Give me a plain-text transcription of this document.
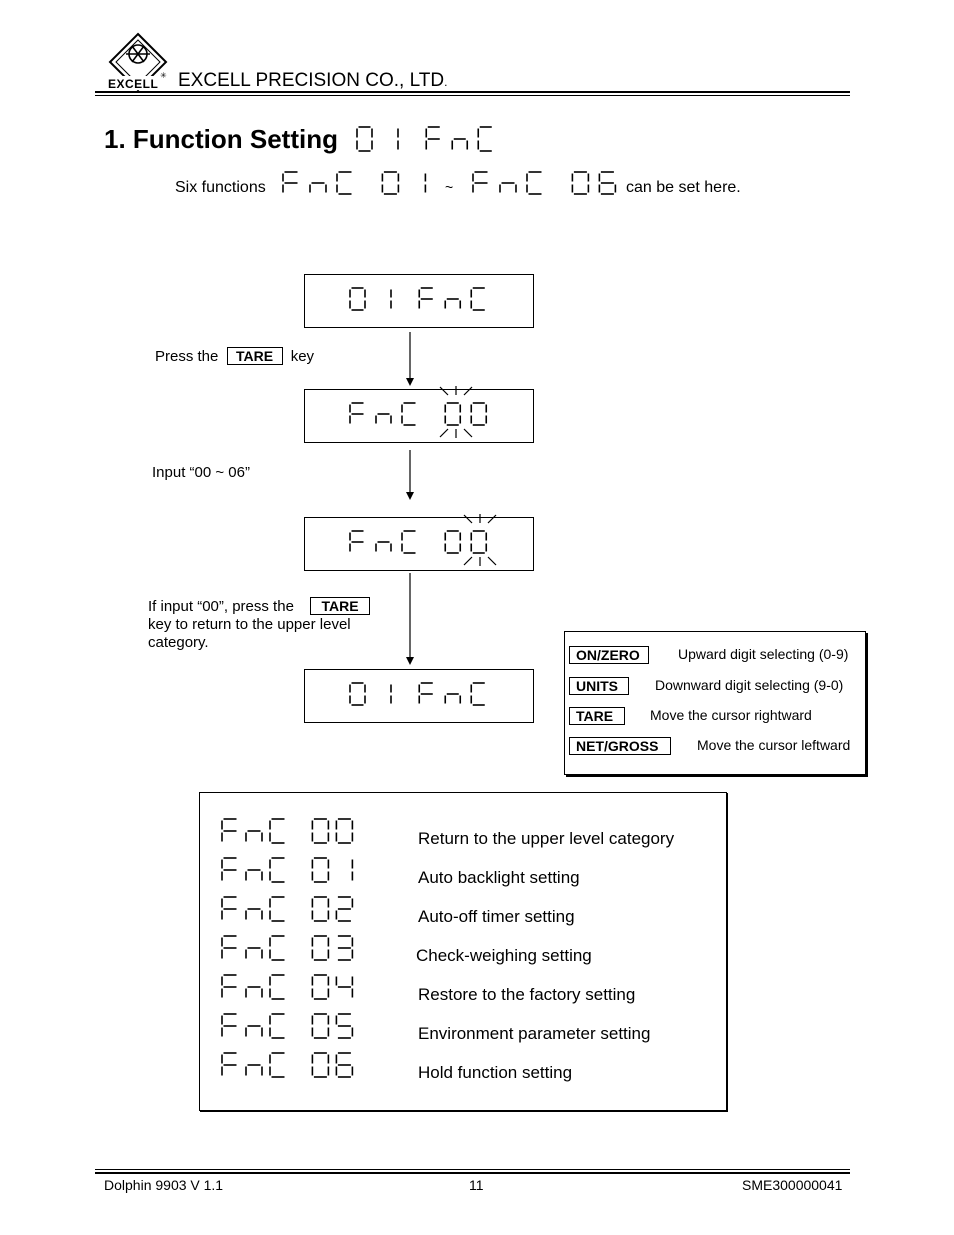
EXCELL
✳ EXCELL PRECISION CO., LTD.
1. Function Setting
Six functions	~	can be set here.
Press the TARE key
Input “00 ~ 06”
If input “00”, press the TARE
key to return to the upper level
category.
ON/ZERO	Upward digit selecting (0-9)
UNITS	Downward digit selecting (9-0)
TARE	Move the cursor rightward
NET/GROSS	Move the cursor leftward
Return to the upper level category
Auto backlight setting
Auto-off timer setting
Check-weighing setting
Restore to the factory setting
Environment parameter setting
Hold function setting
Dolphin 9903 V 1.1	11	SME300000041
